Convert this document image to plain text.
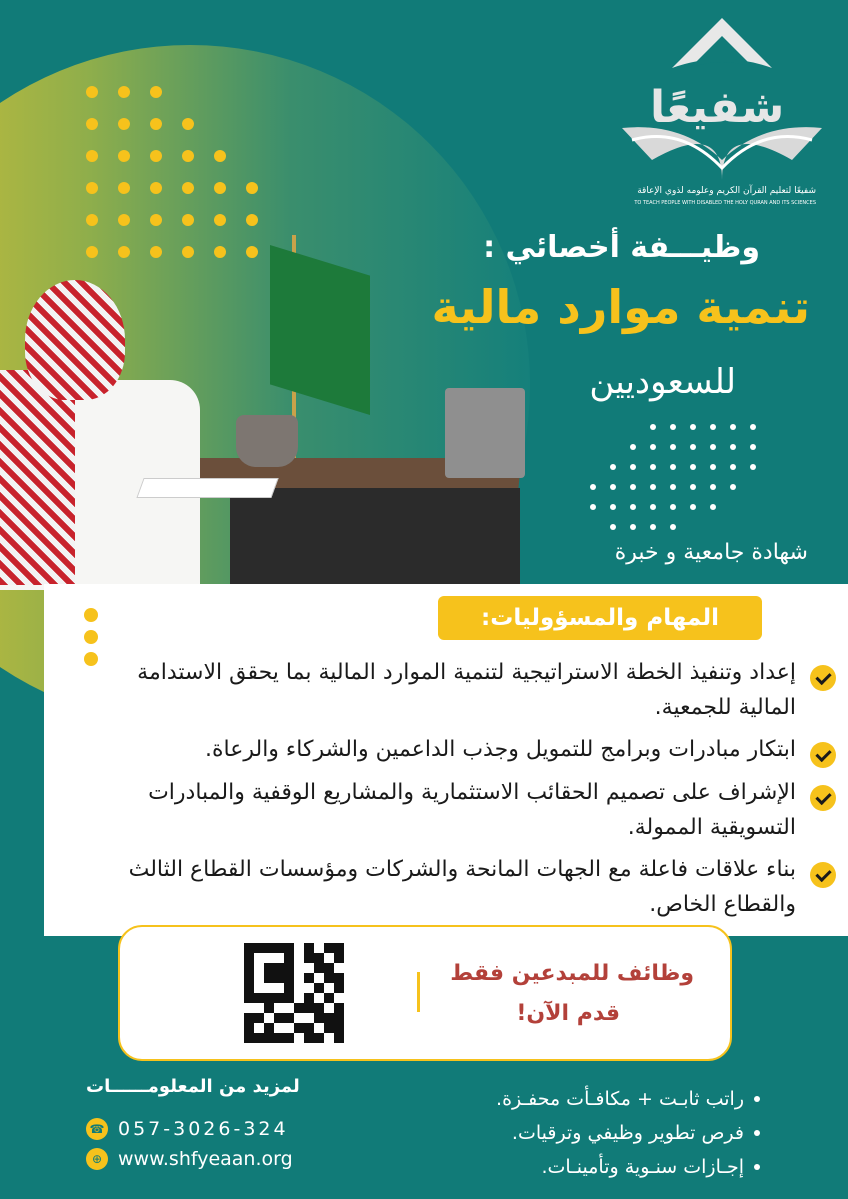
شفيعًا
شفيعًا لتعليم القرآن الكريم وعلومه لذوي الإعاقة
TO TEACH PEOPLE WITH DISABLED THE HOLY QURAN AND ITS SCIENCES
وظيـــفة أخصائي :
تنمية موارد مالية
للسعوديين
شهادة جامعية و خبرة
المهام والمسؤوليات:
إعداد وتنفيذ الخطة الاستراتيجية لتنمية الموارد المالية بما يحقق الاستدامة المالية للجمعية.
ابتكار مبادرات وبرامج للتمويل وجذب الداعمين والشركاء والرعاة.
الإشراف على تصميم الحقائب الاستثمارية والمشاريع الوقفية والمبادرات التسويقية الممولة.
بناء علاقات فاعلة مع الجهات المانحة والشركات ومؤسسات القطاع الثالث والقطاع الخاص.
وظائف للمبدعين فقط
قدم الآن!
لمزيد من المعلومــــــات
☎ 057-3026-324
⊕ www.shfyeaan.org
راتب ثابـت + مكافـأت محفـزة.
فرص تطوير وظيفي وترقيات.
إجـازات سنـوية وتأمينـات.
